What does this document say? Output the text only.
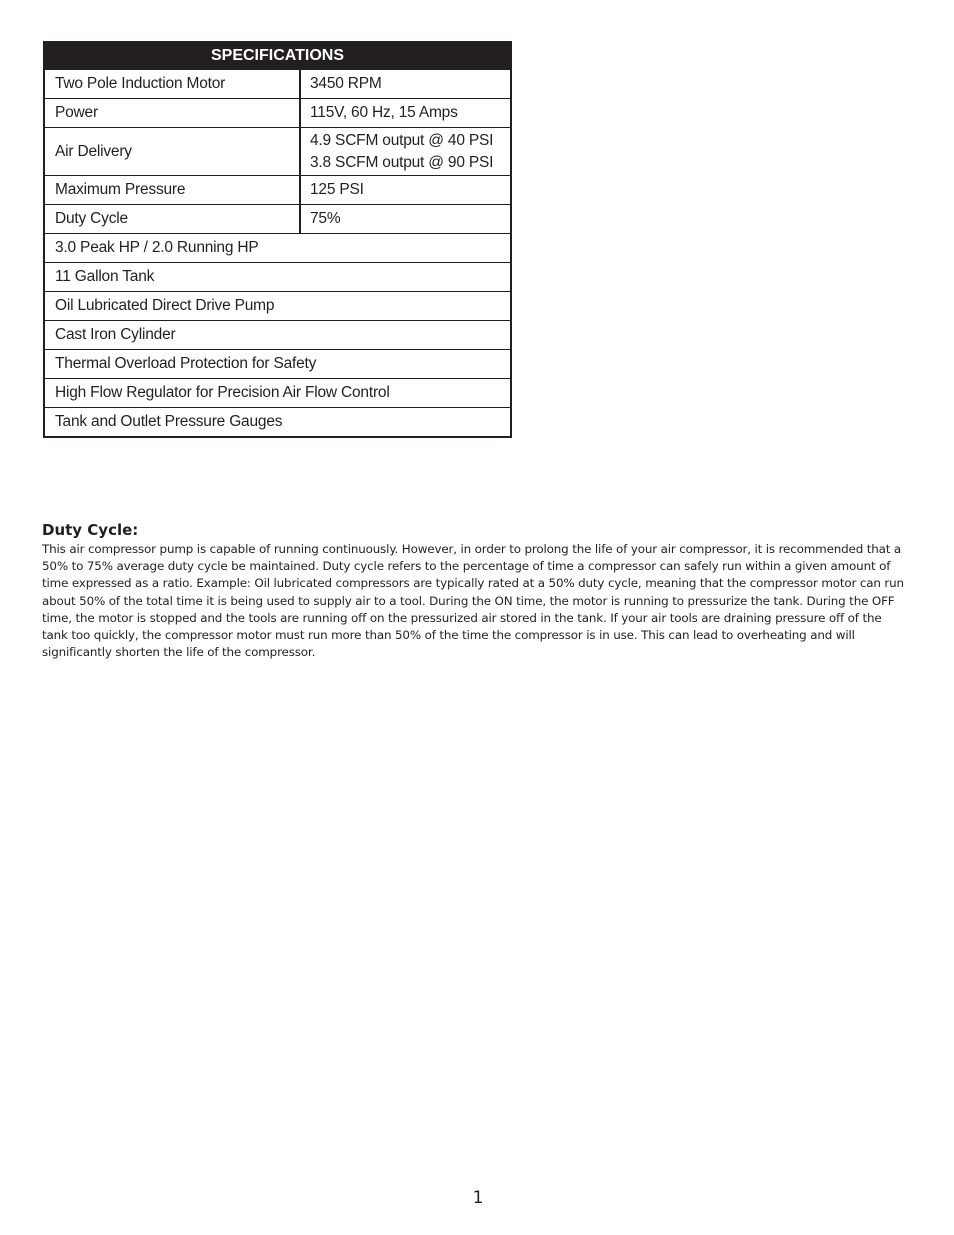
SPECIFICATIONS	
Two Pole Induction Motor	3450 RPM
Power	115V, 60 Hz, 15 Amps
Air Delivery	4.9 SCFM output @ 40 PSI
3.8 SCFM output @ 90 PSI

Maximum Pressure	125 PSI
Duty Cycle	75%
3.0 Peak HP / 2.0 Running HP	
11 Gallon Tank	
Oil Lubricated Direct Drive Pump	
Cast Iron Cylinder	
Thermal Overload Protection for Safety	
High Flow Regulator for Precision Air Flow Control	
Tank and Outlet Pressure Gauges	
Duty Cycle:

This air compressor pump is capable of running continuously. However, in order to prolong the life of your air compressor, it is recommended that a 50% to 75% average duty cycle be maintained. Duty cycle refers to the percentage of time a compressor can safely run within a given amount of time expressed as a ratio. Example: Oil lubricated compressors are typically rated at a 50% duty cycle, meaning that the compressor motor can run about 50% of the total time it is being used to supply air to a tool. During the ON time, the motor is running to pressurize the tank. During the OFF time, the motor is stopped and the tools are running off on the pressurized air stored in the tank. If your air tools are draining pressure off of the tank too quickly, the compressor motor must run more than 50% of the time the compressor is in use. This can lead to overheating and will significantly shorten the life of the compressor.

1
